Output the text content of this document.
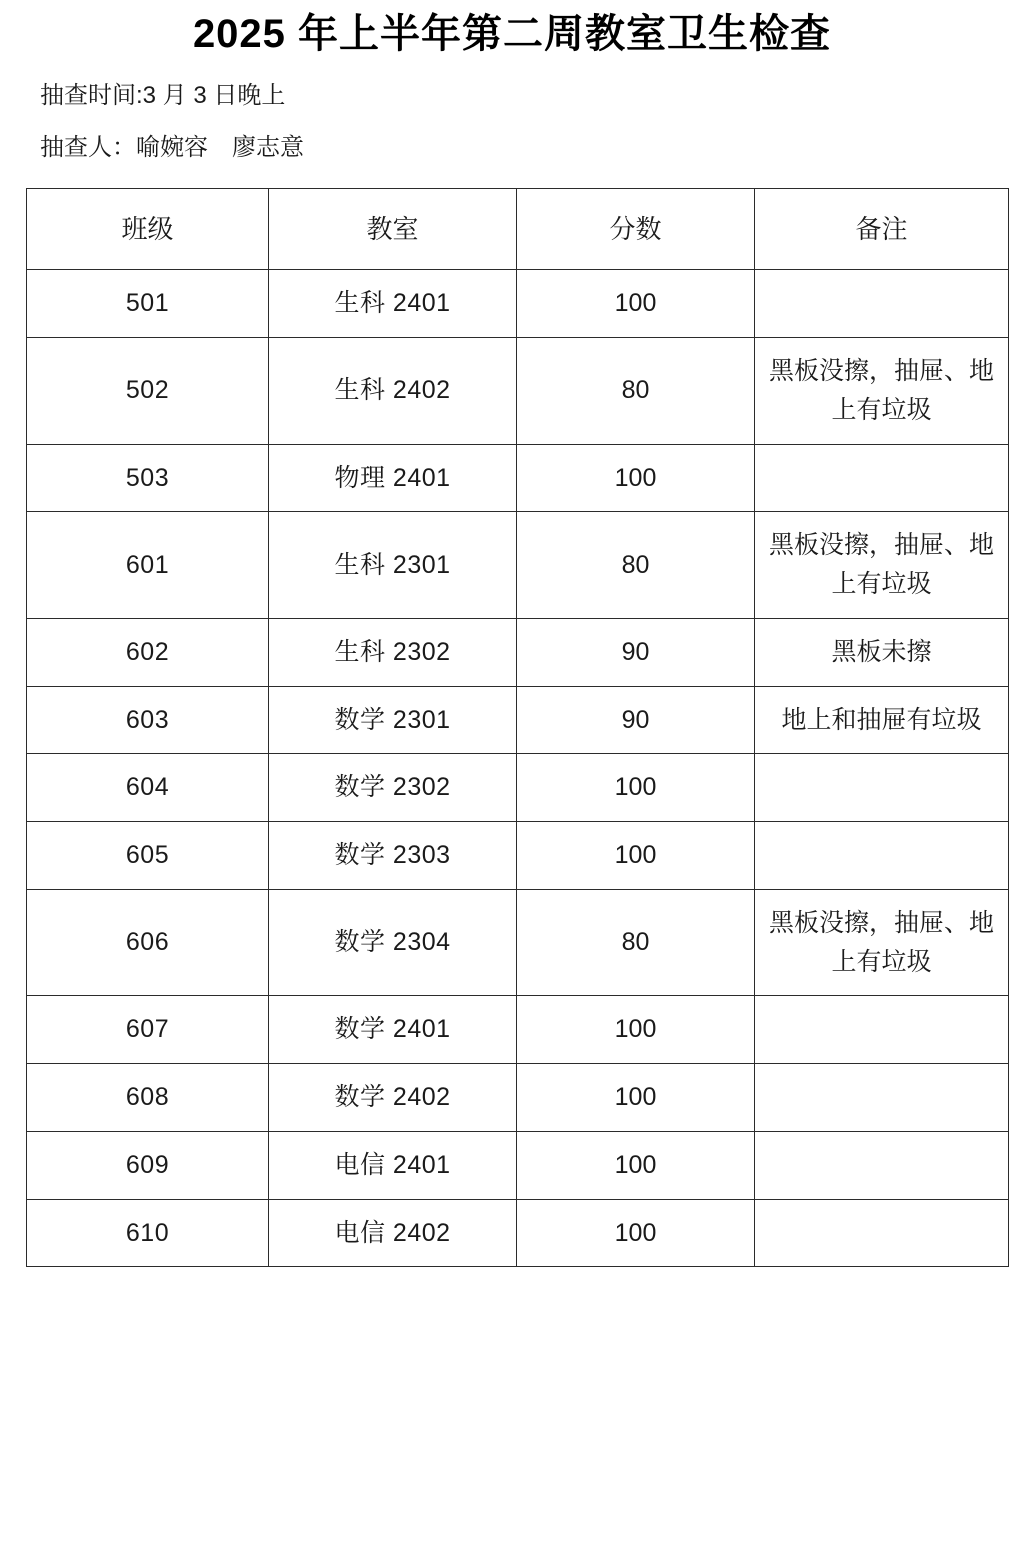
2025 年上半年第二周教室卫生检查

抽查时间:3 月 3 日晚上

抽查人：喻婉容　廖志意

班级	教室	分数	备注
501	生科 2401	100	
502	生科 2402	80	黑板没擦，抽屉、地上有垃圾
503	物理 2401	100	
601	生科 2301	80	黑板没擦，抽屉、地上有垃圾
602	生科 2302	90	黑板未擦
603	数学 2301	90	地上和抽屉有垃圾
604	数学 2302	100	
605	数学 2303	100	
606	数学 2304	80	黑板没擦，抽屉、地上有垃圾
607	数学 2401	100	
608	数学 2402	100	
609	电信 2401	100	
610	电信 2402	100	
